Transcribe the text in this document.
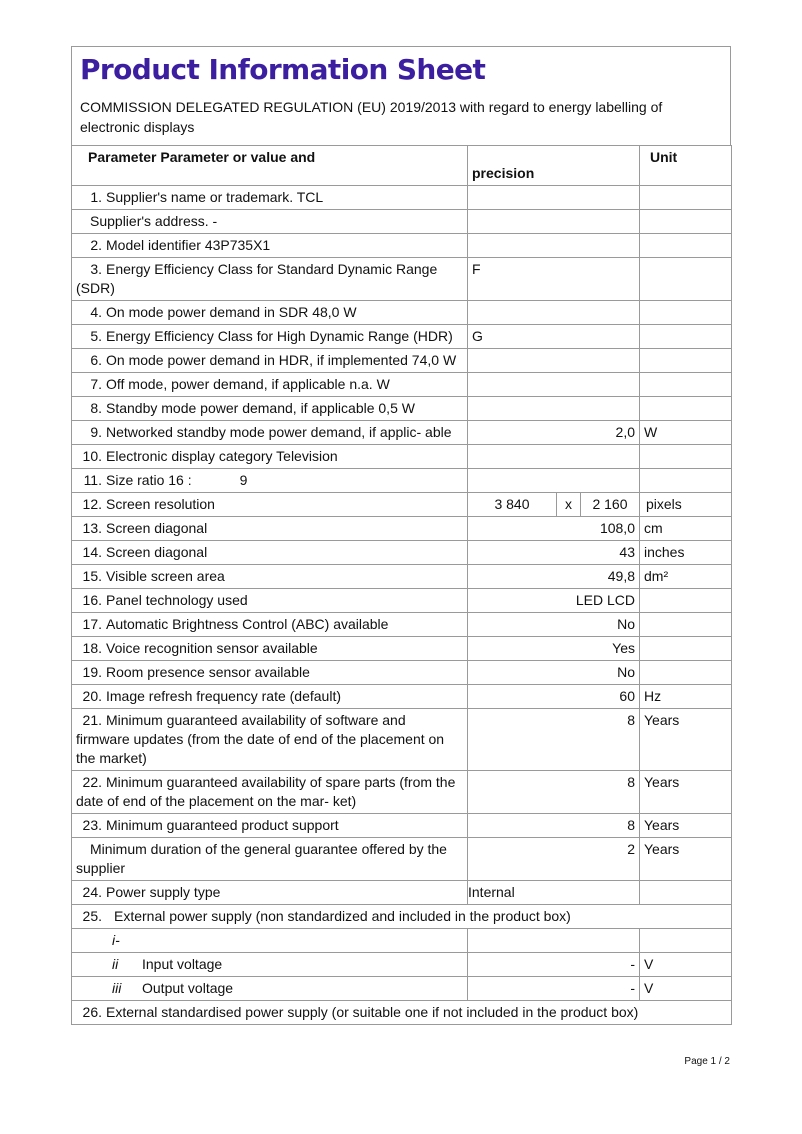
Product Information Sheet
COMMISSION DELEGATED REGULATION (EU) 2019/2013 with regard to energy labelling of electronic displays
Parameter Parameter or value and	precision			Unit
1. Supplier's name or trademark. TCL				
Supplier's address. -				
2. Model identifier 43P735X1				
3. Energy Efficiency Class for Standard Dynamic Range (SDR)	F			
4. On mode power demand in SDR 48,0 W				
5. Energy Efficiency Class for High Dynamic Range (HDR)	G			
6. On mode power demand in HDR, if implemented 74,0 W				
7. Off mode, power demand, if applicable n.a. W				
8. Standby mode power demand, if applicable 0,5 W				
9. Networked standby mode power demand, if applic- able	2,0			W
10. Electronic display category Television				
11. Size ratio 16 : 9				
12. Screen resolution	3 840	x	2 160	pixels
13. Screen diagonal	108,0			cm
14. Screen diagonal	43			inches
15. Visible screen area	49,8			dm²
16. Panel technology used	LED LCD			
17. Automatic Brightness Control (ABC) available	No			
18. Voice recognition sensor available	Yes			
19. Room presence sensor available	No			
20. Image refresh frequency rate (default)	60			Hz
21. Minimum guaranteed availability of software and firmware updates (from the date of end of the placement on the market)	8			Years
22. Minimum guaranteed availability of spare parts (from the date of end of the placement on the mar- ket)	8			Years
23. Minimum guaranteed product support	8			Years
Minimum duration of the general guarantee offered by the supplier	2			Years
24. Power supply type	Internal			
25. External power supply (non standardized and included in the product box)				
i-				
ii Input voltage	-			V
iii Output voltage	-			V
26. External standardised power supply (or suitable one if not included in the product box)				
Page 1 / 2
